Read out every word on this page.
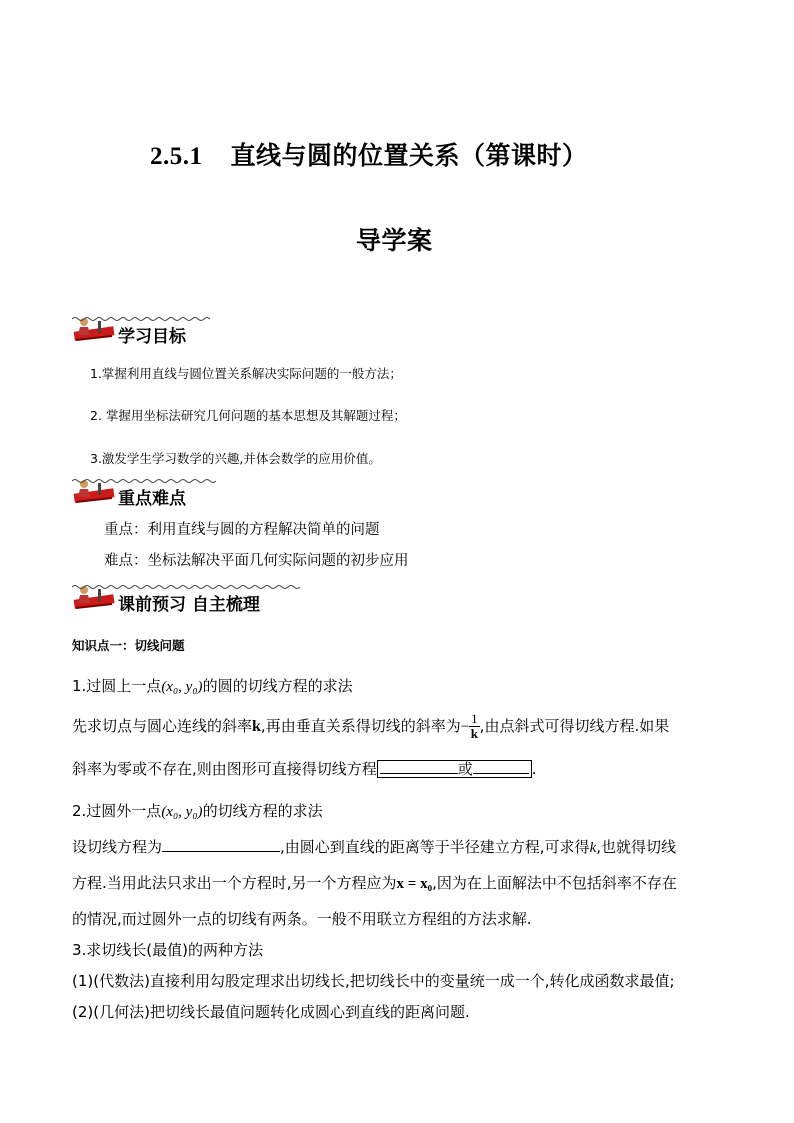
2.5.1 直线与圆的位置关系（第课时）
导学案
学习目标
1.掌握利用直线与圆位置关系解决实际问题的一般方法；
2. 掌握用坐标法研究几何问题的基本思想及其解题过程；
3.激发学生学习数学的兴趣,并体会数学的应用价值。
重点难点
重点：利用直线与圆的方程解决简单的问题
难点：坐标法解决平面几何实际问题的初步应用
课前预习 自主梳理
知识点一：切线问题
1.过圆上一点(x₀, y₀)的圆的切线方程的求法
先求切点与圆心连线的斜率k,再由垂直关系得切线的斜率为− $\frac{1}{k}$ ,由点斜式可得切线方程.如果
斜率为零或不存在,则由图形可直接得切线方程	或	.
2.过圆外一点(x₀, y₀)的切线方程的求法
设切线方程为	,由圆心到直线的距离等于半径建立方程,可求得k,也就得切线
方程.当用此法只求出一个方程时,另一个方程应为x = x₀,因为在上面解法中不包括斜率不存在
的情况,而过圆外一点的切线有两条。一般不用联立方程组的方法求解.
3.求切线长(最值)的两种方法
(1)(代数法)直接利用勾股定理求出切线长,把切线长中的变量统一成一个,转化成函数求最值;
(2)(几何法)把切线长最值问题转化成圆心到直线的距离问题.
